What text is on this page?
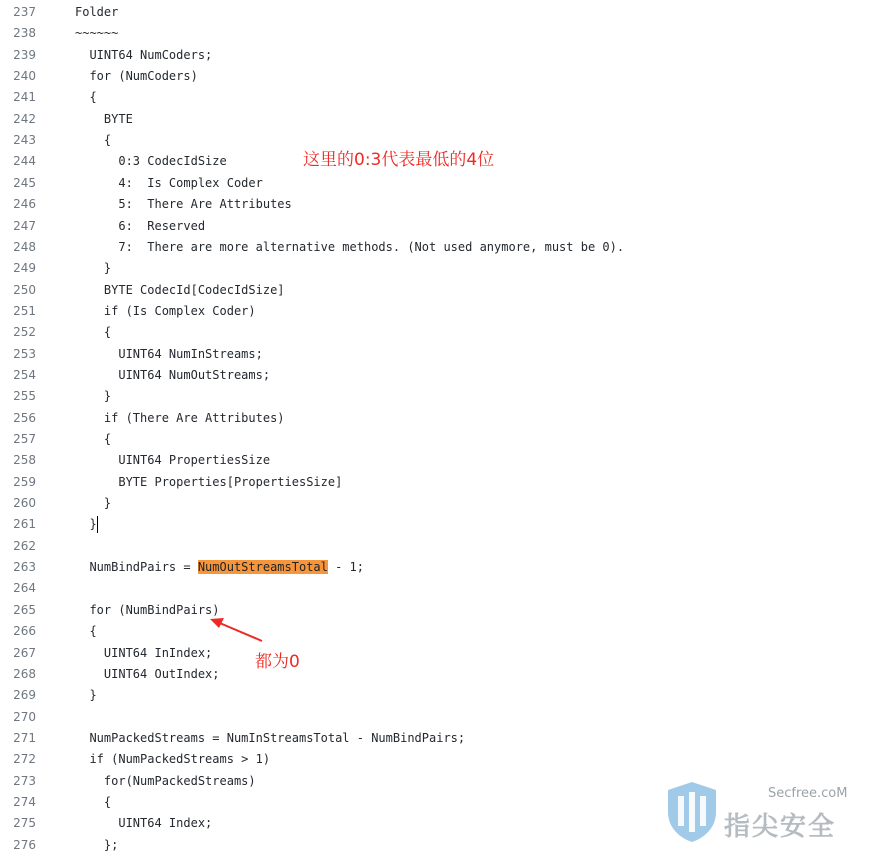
237	Folder
238	~~~~~~
239	UINT64 NumCoders;
240	for (NumCoders)
241	{
242	BYTE
243	{
244	0:3 CodecIdSize
245	4:  Is Complex Coder
246	5:  There Are Attributes
247	6:  Reserved
248	7:  There are more alternative methods. (Not used anymore, must be 0).
249	}
250	BYTE CodecId[CodecIdSize]
251	if (Is Complex Coder)
252	{
253	UINT64 NumInStreams;
254	UINT64 NumOutStreams;
255	}
256	if (There Are Attributes)
257	{
258	UINT64 PropertiesSize
259	BYTE Properties[PropertiesSize]
260	}
261	}
262
263	NumBindPairs = NumOutStreamsTotal - 1;
264
265	for (NumBindPairs)
266	{
267	UINT64 InIndex;
268	UINT64 OutIndex;
269	}
270
271	NumPackedStreams = NumInStreamsTotal - NumBindPairs;
272	if (NumPackedStreams > 1)
273	for(NumPackedStreams)
274	{
275	UINT64 Index;
276	};
这里的0:3代表最低的4位
都为0
Secfree.coM
指尖安全
